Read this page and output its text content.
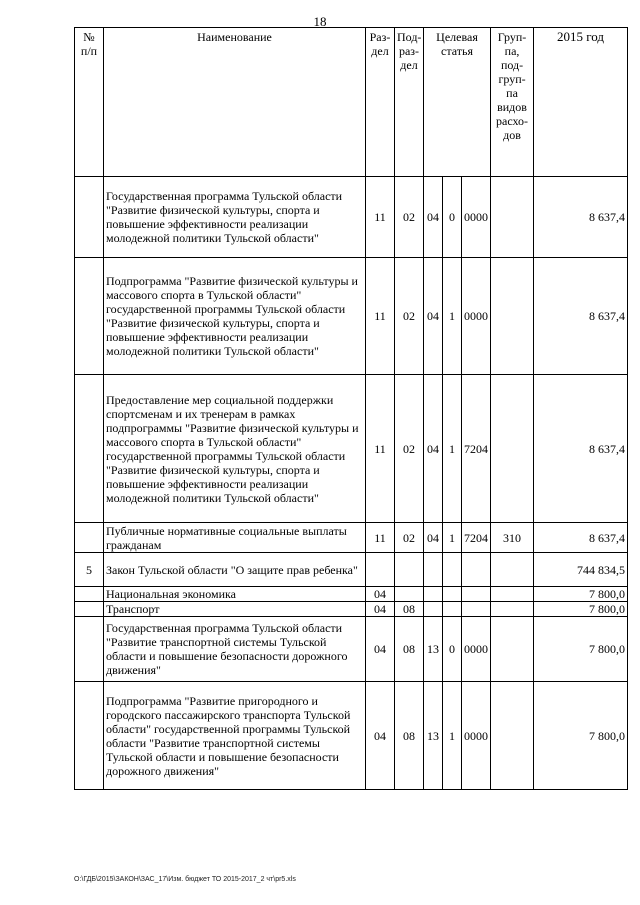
18
№ п/п	Наименование	Раз- дел	Под- раз- дел	Целевая статья			Груп- па, под- груп- па видов расхо- дов	2015 год
	Государственная программа Тульской области "Развитие физической культуры, спорта и повышение эффективности реализации молодежной политики Тульской области"	11	02	04	0	0000		8 637,4
	Подпрограмма "Развитие физической культуры и массового спорта в Тульской области" государственной программы Тульской области "Развитие физической культуры, спорта и повышение эффективности реализации молодежной политики Тульской области"	11	02	04	1	0000		8 637,4
	Предоставление мер социальной поддержки спортсменам и их тренерам в рамках подпрограммы "Развитие физической культуры и массового спорта в Тульской области" государственной программы Тульской области "Развитие физической культуры, спорта и повышение эффективности реализации молодежной политики Тульской области"	11	02	04	1	7204		8 637,4
	Публичные нормативные социальные выплаты гражданам	11	02	04	1	7204	310	8 637,4
5	Закон Тульской области "О защите прав ребенка"							744 834,5
	Национальная экономика	04						7 800,0
	Транспорт	04	08					7 800,0
	Государственная программа Тульской области "Развитие транспортной системы Тульской области и повышение безопасности дорожного движения"	04	08	13	0	0000		7 800,0
	Подпрограмма "Развитие пригородного и городского пассажирского транспорта Тульской области" государственной программы Тульской области "Развитие транспортной системы Тульской области и повышение безопасности дорожного движения"	04	08	13	1	0000		7 800,0
O:\ГДБ\2015\ЗАКОН\ЗАС_17\Изм. бюджет ТО 2015-2017_2 чт\pr5.xls
